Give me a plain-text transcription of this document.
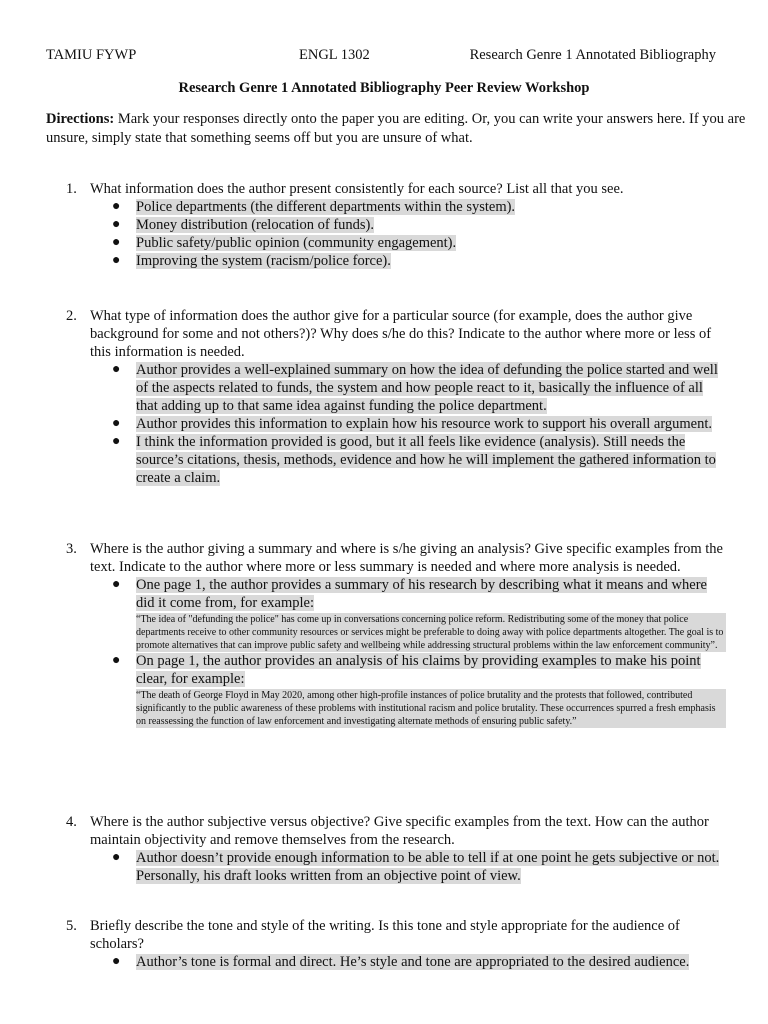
TAMIU FYWP	ENGL 1302	Research Genre 1 Annotated Bibliography
Research Genre 1 Annotated Bibliography Peer Review Workshop
Directions: Mark your responses directly onto the paper you are editing. Or, you can write your answers here. If you are unsure, simply state that something seems off but you are unsure of what.
1. What information does the author present consistently for each source? List all that you see.
● Police departments (the different departments within the system).
● Money distribution (relocation of funds).
● Public safety/public opinion (community engagement).
● Improving the system (racism/police force).
2. What type of information does the author give for a particular source (for example, does the author give background for some and not others?)? Why does s/he do this? Indicate to the author where more or less of this information is needed.
● Author provides a well-explained summary on how the idea of defunding the police started and well of the aspects related to funds, the system and how people react to it, basically the influence of all that adding up to that same idea against funding the police department.
● Author provides this information to explain how his resource work to support his overall argument.
● I think the information provided is good, but it all feels like evidence (analysis). Still needs the source’s citations, thesis, methods, evidence and how he will implement the gathered information to create a claim.
3. Where is the author giving a summary and where is s/he giving an analysis? Give specific examples from the text. Indicate to the author where more or less summary is needed and where more analysis is needed.
● One page 1, the author provides a summary of his research by describing what it means and where did it come from, for example:
“The idea of "defunding the police" has come up in conversations concerning police reform. Redistributing some of the money that police departments receive to other community resources or services might be preferable to doing away with police departments altogether. The goal is to promote alternatives that can improve public safety and wellbeing while addressing structural problems within the law enforcement community”.
● On page 1, the author provides an analysis of his claims by providing examples to make his point clear, for example:
“The death of George Floyd in May 2020, among other high-profile instances of police brutality and the protests that followed, contributed significantly to the public awareness of these problems with institutional racism and police brutality. These occurrences spurred a fresh emphasis on reassessing the function of law enforcement and investigating alternate methods of ensuring public safety.”
4. Where is the author subjective versus objective? Give specific examples from the text. How can the author maintain objectivity and remove themselves from the research.
● Author doesn’t provide enough information to be able to tell if at one point he gets subjective or not. Personally, his draft looks written from an objective point of view.
5. Briefly describe the tone and style of the writing. Is this tone and style appropriate for the audience of scholars?
● Author’s tone is formal and direct. He’s style and tone are appropriated to the desired audience.
